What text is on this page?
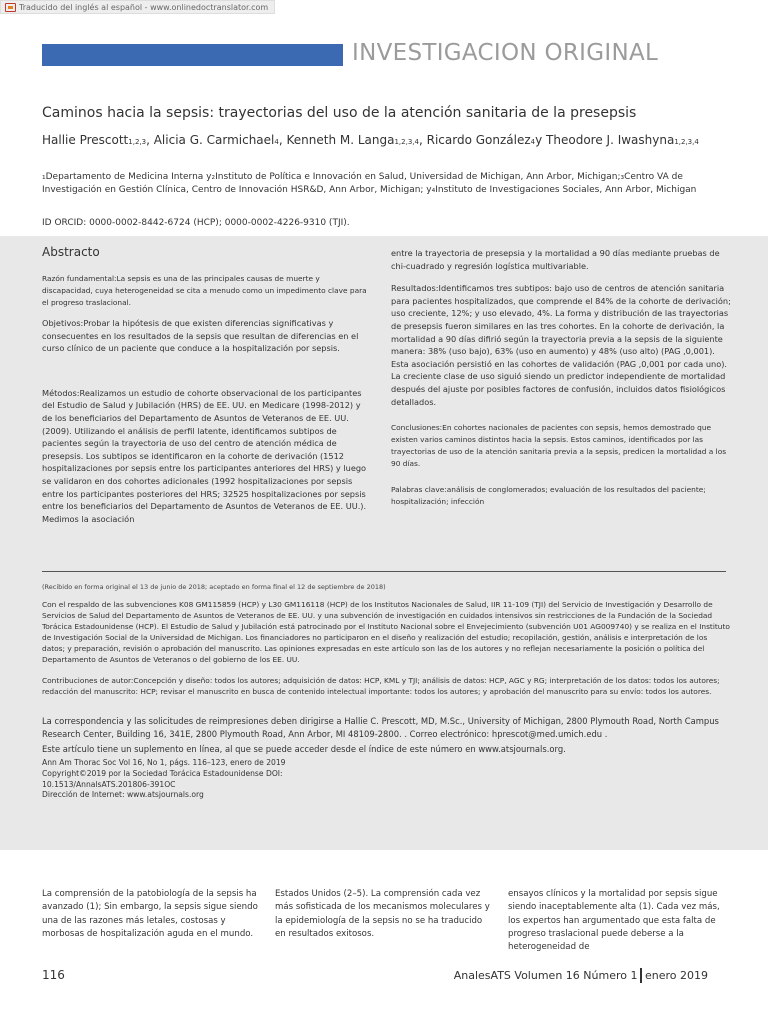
Traducido del inglés al español - www.onlinedoctranslator.com
INVESTIGACION ORIGINAL
Caminos hacia la sepsis: trayectorias del uso de la atención sanitaria de la presepsis
Hallie Prescott1,2,3, Alicia G. Carmichael4, Kenneth M. Langa1,2,3,4, Ricardo González4y Theodore J. Iwashyna1,2,3,4
₁Departamento de Medicina Interna y₂Instituto de Política e Innovación en Salud, Universidad de Michigan, Ann Arbor, Michigan;₃Centro VA de Investigación en Gestión Clínica, Centro de Innovación HSR&D, Ann Arbor, Michigan; y₄Instituto de Investigaciones Sociales, Ann Arbor, Michigan
ID ORCID: 0000-0002-8442-6724 (HCP); 0000-0002-4226-9310 (TJI).
Abstracto

Razón fundamental:La sepsis es una de las principales causas de muerte y discapacidad, cuya heterogeneidad se cita a menudo como un impedimento clave para el progreso traslacional.

Objetivos:Probar la hipótesis de que existen diferencias significativas y consecuentes en los resultados de la sepsis que resultan de diferencias en el curso clínico de un paciente que conduce a la hospitalización por sepsis.

Métodos:Realizamos un estudio de cohorte observacional de los participantes del Estudio de Salud y Jubilación (HRS) de EE. UU. en Medicare (1998-2012) y de los beneficiarios del Departamento de Asuntos de Veteranos de EE. UU. (2009). Utilizando el análisis de perfil latente, identificamos subtipos de pacientes según la trayectoria de uso del centro de atención médica de presepsis. Los subtipos se identificaron en la cohorte de derivación (1512 hospitalizaciones por sepsis entre los participantes anteriores del HRS) y luego se validaron en dos cohortes adicionales (1992 hospitalizaciones por sepsis entre los participantes posteriores del HRS; 32525 hospitalizaciones por sepsis entre los beneficiarios del Departamento de Asuntos de Veteranos de EE. UU.). Medimos la asociación

entre la trayectoria de presepsia y la mortalidad a 90 días mediante pruebas de chi-cuadrado y regresión logística multivariable.

Resultados:Identificamos tres subtipos: bajo uso de centros de atención sanitaria para pacientes hospitalizados, que comprende el 84% de la cohorte de derivación; uso creciente, 12%; y uso elevado, 4%. La forma y distribución de las trayectorias de presepsis fueron similares en las tres cohortes. En la cohorte de derivación, la mortalidad a 90 días difirió según la trayectoria previa a la sepsis de la siguiente manera: 38% (uso bajo), 63% (uso en aumento) y 48% (uso alto) (PAG ,0,001). Esta asociación persistió en las cohortes de validación (PAG ,0,001 por cada uno). La creciente clase de uso siguió siendo un predictor independiente de mortalidad después del ajuste por posibles factores de confusión, incluidos datos fisiológicos detallados.

Conclusiones:En cohortes nacionales de pacientes con sepsis, hemos demostrado que existen varios caminos distintos hacia la sepsis. Estos caminos, identificados por las trayectorias de uso de la atención sanitaria previa a la sepsis, predicen la mortalidad a los 90 días.

Palabras clave:análisis de conglomerados; evaluación de los resultados del paciente; hospitalización; infección

(Recibido en forma original el 13 de junio de 2018; aceptado en forma final el 12 de septiembre de 2018)
Con el respaldo de las subvenciones K08 GM115859 (HCP) y L30 GM116118 (HCP) de los Institutos Nacionales de Salud, IIR 11-109 (TJI) del Servicio de Investigación y Desarrollo de Servicios de Salud del Departamento de Asuntos de Veteranos de EE. UU. y una subvención de investigación en cuidados intensivos sin restricciones de la Fundación de la Sociedad Torácica Estadounidense (HCP). El Estudio de Salud y Jubilación está patrocinado por el Instituto Nacional sobre el Envejecimiento (subvención U01 AG009740) y se realiza en el Instituto de Investigación Social de la Universidad de Michigan. Los financiadores no participaron en el diseño y realización del estudio; recopilación, gestión, análisis e interpretación de los datos; y preparación, revisión o aprobación del manuscrito. Las opiniones expresadas en este artículo son las de los autores y no reflejan necesariamente la posición o política del Departamento de Asuntos de Veteranos o del gobierno de los EE. UU.
Contribuciones de autor:Concepción y diseño: todos los autores; adquisición de datos: HCP, KML y TJI; análisis de datos: HCP, AGC y RG; interpretación de los datos: todos los autores; redacción del manuscrito: HCP; revisar el manuscrito en busca de contenido intelectual importante: todos los autores; y aprobación del manuscrito para su envío: todos los autores.
La correspondencia y las solicitudes de reimpresiones deben dirigirse a Hallie C. Prescott, MD, M.Sc., University of Michigan, 2800 Plymouth Road, North Campus Research Center, Building 16, 341E, 2800 Plymouth Road, Ann Arbor, MI 48109-2800. . Correo electrónico: hprescot@med.umich.edu .
Este artículo tiene un suplemento en línea, al que se puede acceder desde el índice de este número en www.atsjournals.org.
Ann Am Thorac Soc Vol 16, No 1, págs. 116–123, enero de 2019
Copyright©2019 por la Sociedad Torácica Estadounidense DOI:
10.1513/AnnalsATS.201806-391OC
Dirección de Internet: www.atsjournals.org
La comprensión de la patobiología de la sepsis ha avanzado (1); Sin embargo, la sepsis sigue siendo una de las razones más letales, costosas y morbosas de hospitalización aguda en el mundo.
Estados Unidos (2–5). La comprensión cada vez más sofisticada de los mecanismos moleculares y la epidemiología de la sepsis no se ha traducido en resultados exitosos.
ensayos clínicos y la mortalidad por sepsis sigue siendo inaceptablemente alta (1). Cada vez más, los expertos han argumentado que esta falta de progreso traslacional puede deberse a la heterogeneidad de
116	AnalesATS Volumen 16 Número 1 enero 2019
